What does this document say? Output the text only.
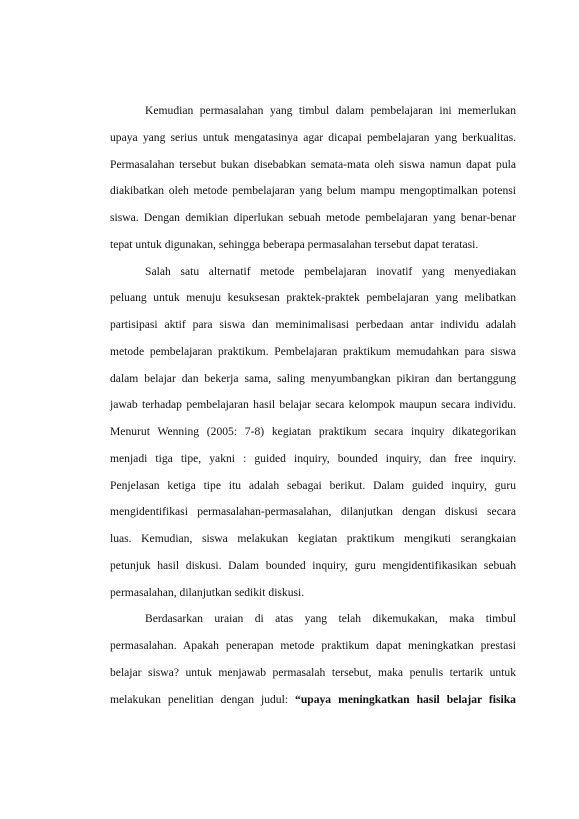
Kemudian permasalahan yang timbul dalam pembelajaran ini memerlukan
upaya yang serius untuk mengatasinya agar dicapai pembelajaran yang berkualitas.
Permasalahan tersebut bukan disebabkan semata-mata oleh siswa namun dapat pula
diakibatkan oleh metode pembelajaran yang belum mampu mengoptimalkan potensi
siswa. Dengan demikian diperlukan sebuah metode pembelajaran yang benar-benar
tepat untuk digunakan, sehingga beberapa permasalahan tersebut dapat teratasi.
Salah satu alternatif metode pembelajaran inovatif yang menyediakan
peluang untuk menuju kesuksesan praktek-praktek pembelajaran yang melibatkan
partisipasi aktif para siswa dan meminimalisasi perbedaan antar individu adalah
metode pembelajaran praktikum. Pembelajaran praktikum memudahkan para siswa
dalam belajar dan bekerja sama, saling menyumbangkan pikiran dan bertanggung
jawab terhadap pembelajaran hasil belajar secara kelompok maupun secara individu.
Menurut Wenning (2005: 7-8) kegiatan praktikum secara inquiry dikategorikan
menjadi tiga tipe, yakni : guided inquiry, bounded inquiry, dan free inquiry.
Penjelasan ketiga tipe itu adalah sebagai berikut. Dalam guided inquiry, guru
mengidentifikasi permasalahan-permasalahan, dilanjutkan dengan diskusi secara
luas. Kemudian, siswa melakukan kegiatan praktikum mengikuti serangkaian
petunjuk hasil diskusi. Dalam bounded inquiry, guru mengidentifikasikan sebuah
permasalahan, dilanjutkan sedikit diskusi.
Berdasarkan uraian di atas yang telah dikemukakan, maka timbul
permasalahan. Apakah penerapan metode praktikum dapat meningkatkan prestasi
belajar siswa? untuk menjawab permasalah tersebut, maka penulis tertarik untuk
melakukan penelitian dengan judul: “upaya meningkatkan hasil belajar fisika
